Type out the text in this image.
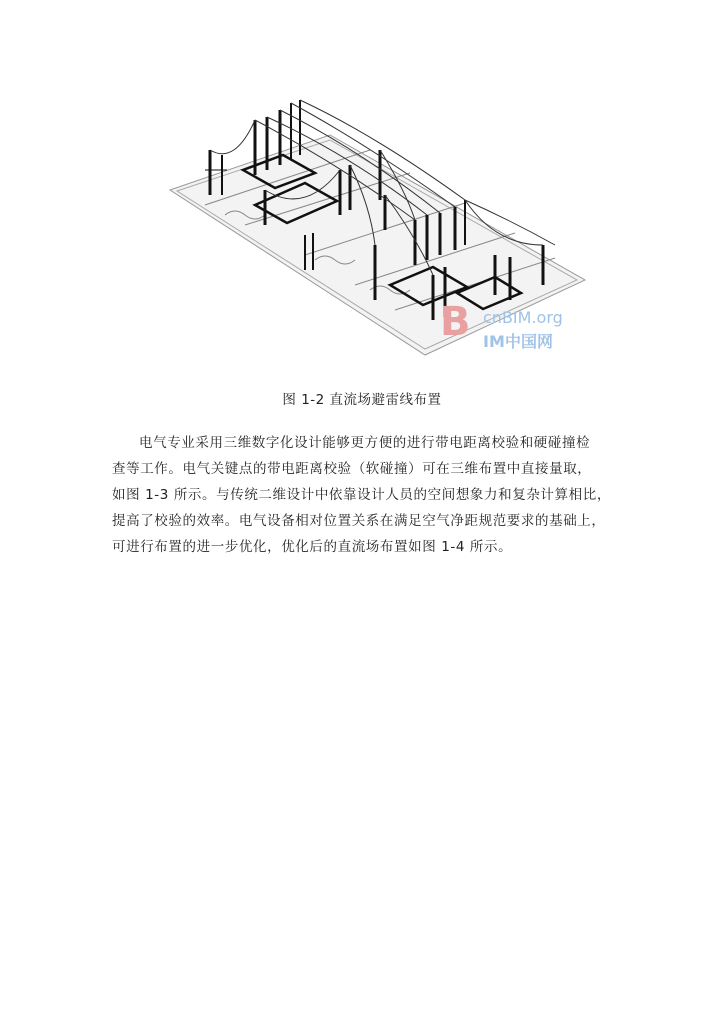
B cnBIM.org
IM 中国网
图 1-2 直流场避雷线布置
电气专业采用三维数字化设计能够更方便的进行带电距离校验和硬碰撞检
查等工作。电气关键点的带电距离校验（软碰撞）可在三维布置中直接量取，
如图 1-3 所示。与传统二维设计中依靠设计人员的空间想象力和复杂计算相比，
提高了校验的效率。电气设备相对位置关系在满足空气净距规范要求的基础上，
可进行布置的进一步优化，优化后的直流场布置如图 1-4 所示。
